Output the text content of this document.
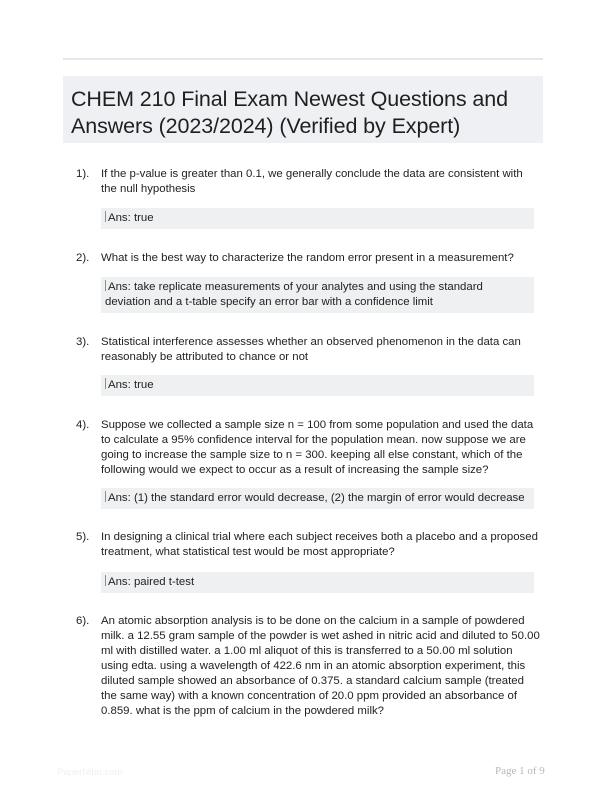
CHEM 210 Final Exam Newest Questions and Answers (2023/2024) (Verified by Expert)
1). If the p-value is greater than 0.1, we generally conclude the data are consistent with the null hypothesis

Ans: true
2). What is the best way to characterize the random error present in a measurement?

Ans: take replicate measurements of your analytes and using the standard deviation and a t-table specify an error bar with a confidence limit
3). Statistical interference assesses whether an observed phenomenon in the data can reasonably be attributed to chance or not

Ans: true
4). Suppose we collected a sample size n = 100 from some population and used the data to calculate a 95% confidence interval for the population mean. now suppose we are going to increase the sample size to n = 300. keeping all else constant, which of the following would we expect to occur as a result of increasing the sample size?

Ans: (1) the standard error would decrease, (2) the margin of error would decrease
5). In designing a clinical trial where each subject receives both a placebo and a proposed treatment, what statistical test would be most appropriate?

Ans: paired t-test
6). An atomic absorption analysis is to be done on the calcium in a sample of powdered milk. a 12.55 gram sample of the powder is wet ashed in nitric acid and diluted to 50.00 ml with distilled water. a 1.00 ml aliquot of this is transferred to a 50.00 ml solution using edta. using a wavelength of 422.6 nm in an atomic absorption experiment, this diluted sample showed an absorbance of 0.375. a standard calcium sample (treated the same way) with a known concentration of 20.0 ppm provided an absorbance of 0.859. what is the ppm of calcium in the powdered milk?

PaperNibo.com	Page 1 of 9
